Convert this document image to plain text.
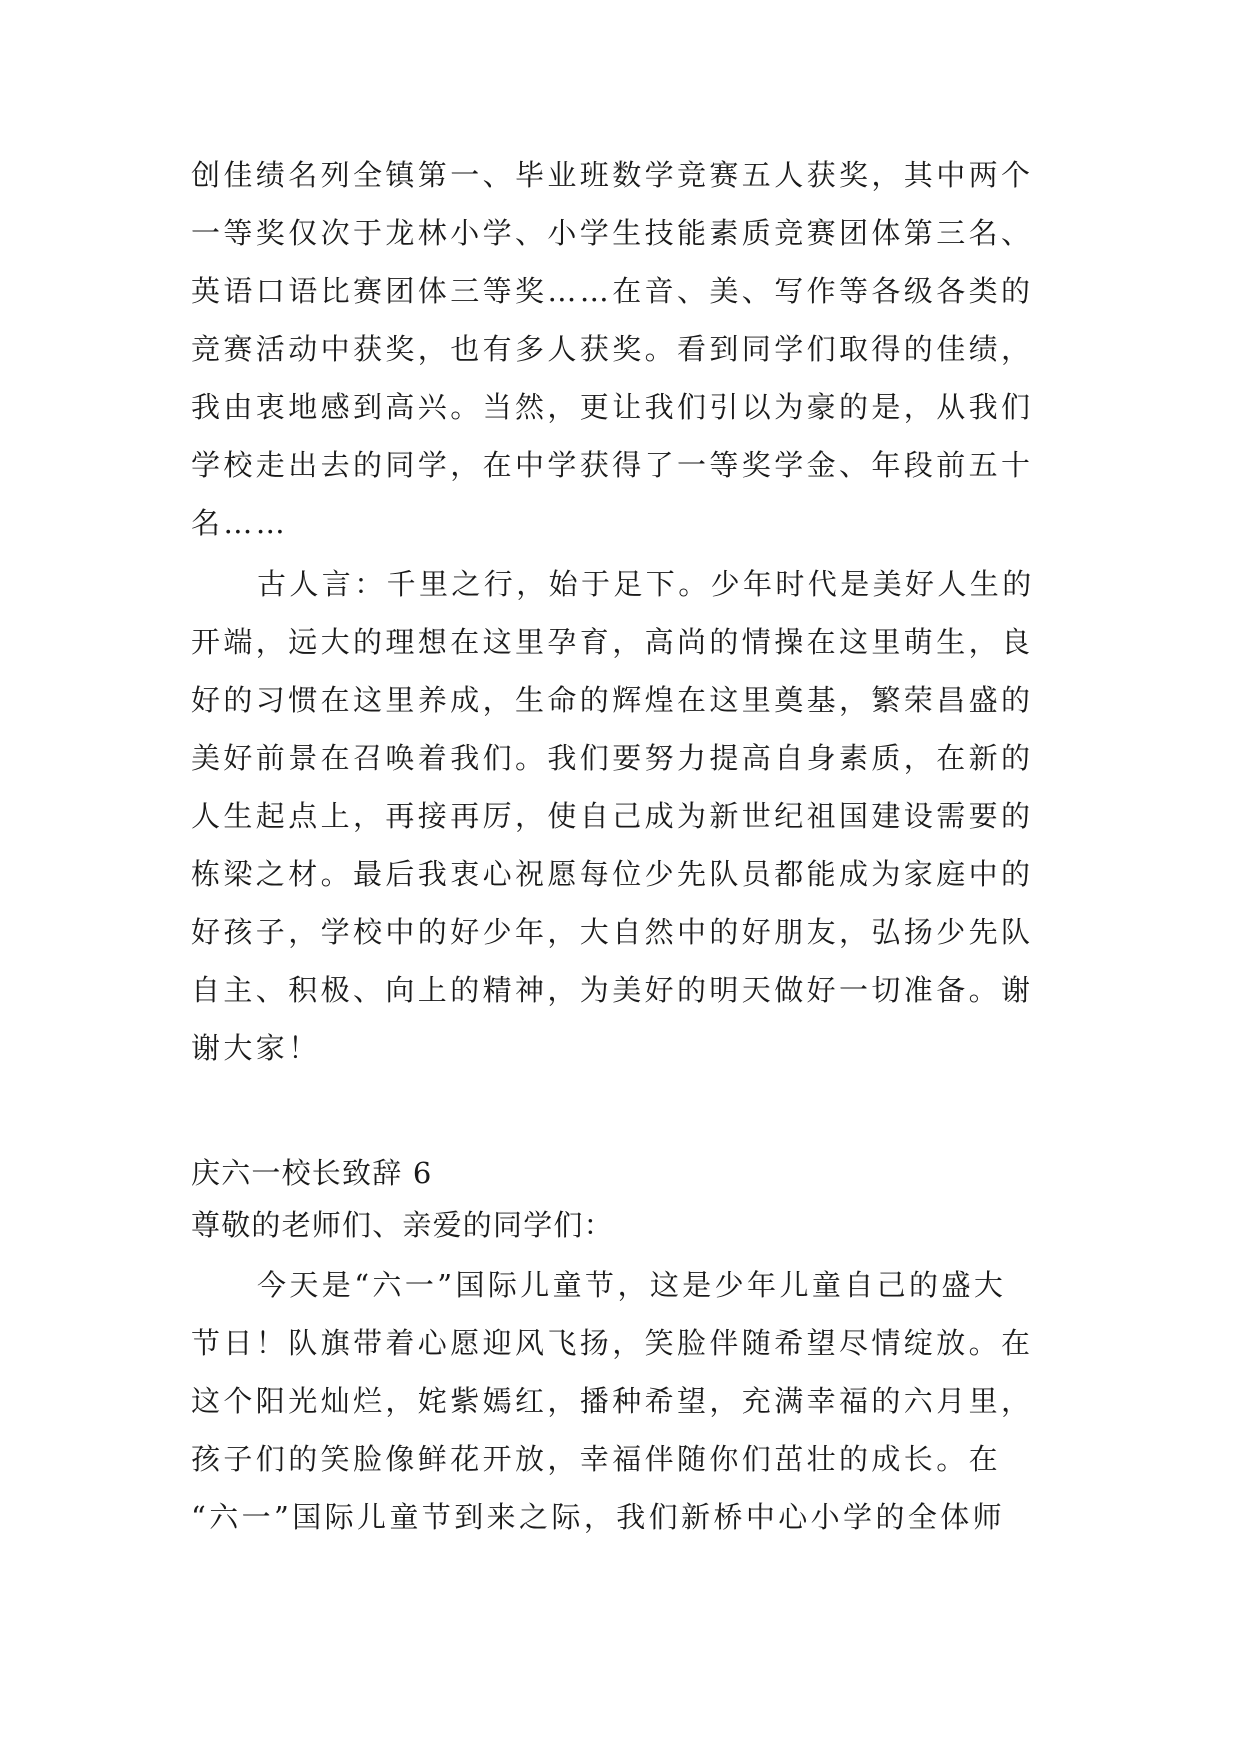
创佳绩名列全镇第一、毕业班数学竞赛五人获奖，其中两个
一等奖仅次于龙林小学、小学生技能素质竞赛团体第三名、
英语口语比赛团体三等奖……在音、美、写作等各级各类的
竞赛活动中获奖，也有多人获奖。看到同学们取得的佳绩，
我由衷地感到高兴。当然，更让我们引以为豪的是，从我们
学校走出去的同学，在中学获得了一等奖学金、年段前五十
名……
古人言：千里之行，始于足下。少年时代是美好人生的
开端，远大的理想在这里孕育，高尚的情操在这里萌生，良
好的习惯在这里养成，生命的辉煌在这里奠基，繁荣昌盛的
美好前景在召唤着我们。我们要努力提高自身素质，在新的
人生起点上，再接再厉，使自己成为新世纪祖国建设需要的
栋梁之材。最后我衷心祝愿每位少先队员都能成为家庭中的
好孩子，学校中的好少年，大自然中的好朋友，弘扬少先队
自主、积极、向上的精神，为美好的明天做好一切准备。谢
谢大家！
庆六一校长致辞 6
尊敬的老师们、亲爱的同学们：
今天是“六一”国际儿童节，这是少年儿童自己的盛大
节日！队旗带着心愿迎风飞扬，笑脸伴随希望尽情绽放。在
这个阳光灿烂，姹紫嫣红，播种希望，充满幸福的六月里，
孩子们的笑脸像鲜花开放，幸福伴随你们茁壮的成长。在
“六一”国际儿童节到来之际，我们新桥中心小学的全体师
